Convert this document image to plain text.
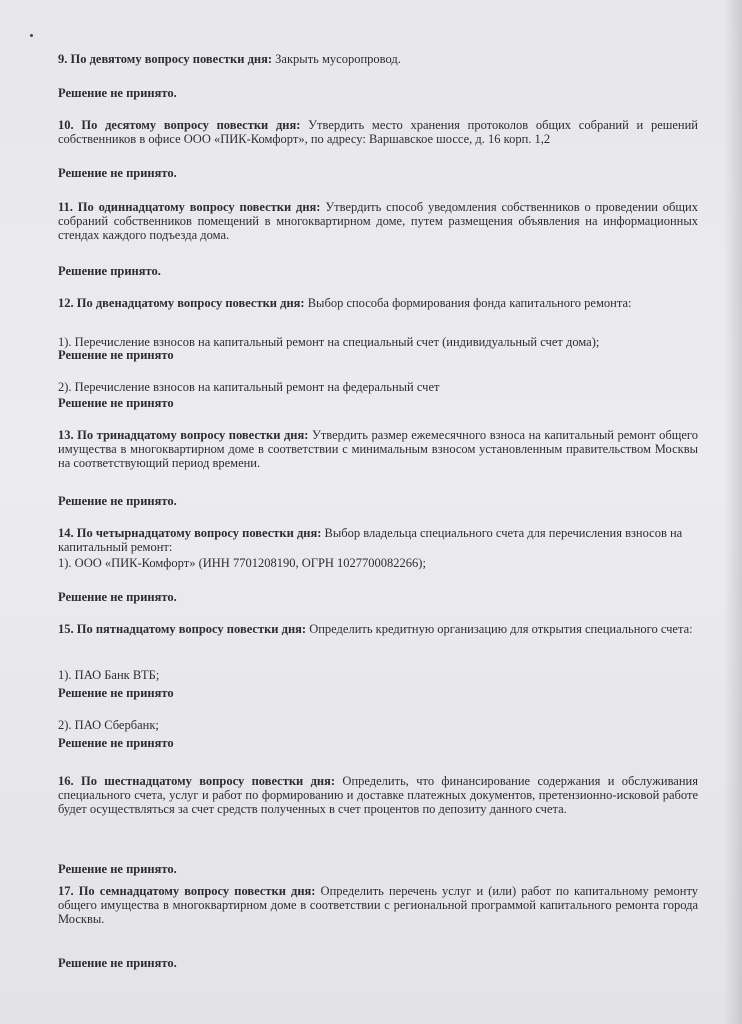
9. По девятому вопросу повестки дня: Закрыть мусоропровод.
Решение не принято.
10. По десятому вопросу повестки дня: Утвердить место хранения протоколов общих собраний и решений собственников в офисе ООО «ПИК-Комфорт», по адресу: Варшавское шоссе, д. 16 корп. 1,2
Решение не принято.
11. По одиннадцатому вопросу повестки дня: Утвердить способ уведомления собственников о проведении общих собраний собственников помещений в многоквартирном доме, путем размещения объявления на информационных стендах каждого подъезда дома.
Решение принято.
12. По двенадцатому вопросу повестки дня: Выбор способа формирования фонда капитального ремонта:
1). Перечисление взносов на капитальный ремонт на специальный счет (индивидуальный счет дома);
Решение не принято
2). Перечисление взносов на капитальный ремонт на федеральный счет
Решение не принято
13. По тринадцатому вопросу повестки дня: Утвердить размер ежемесячного взноса на капитальный ремонт общего имущества в многоквартирном доме в соответствии с минимальным взносом установленным правительством Москвы на соответствующий период времени.
Решение не принято.
14. По четырнадцатому вопросу повестки дня: Выбор владельца специального счета для перечисления взносов на капитальный ремонт:
1). ООО «ПИК-Комфорт» (ИНН 7701208190, ОГРН 1027700082266);
Решение не принято.
15. По пятнадцатому вопросу повестки дня: Определить кредитную организацию для открытия специального счета:
1). ПАО Банк ВТБ;
Решение не принято
2). ПАО Сбербанк;
Решение не принято
16. По шестнадцатому вопросу повестки дня: Определить, что финансирование содержания и обслуживания специального счета, услуг и работ по формированию и доставке платежных документов, претензионно-исковой работе будет осуществляться за счет средств полученных в счет процентов по депозиту данного счета.
Решение не принято.
17. По семнадцатому вопросу повестки дня: Определить перечень услуг и (или) работ по капитальному ремонту общего имущества в многоквартирном доме в соответствии с региональной программой капитального ремонта города Москвы.
Решение не принято.
